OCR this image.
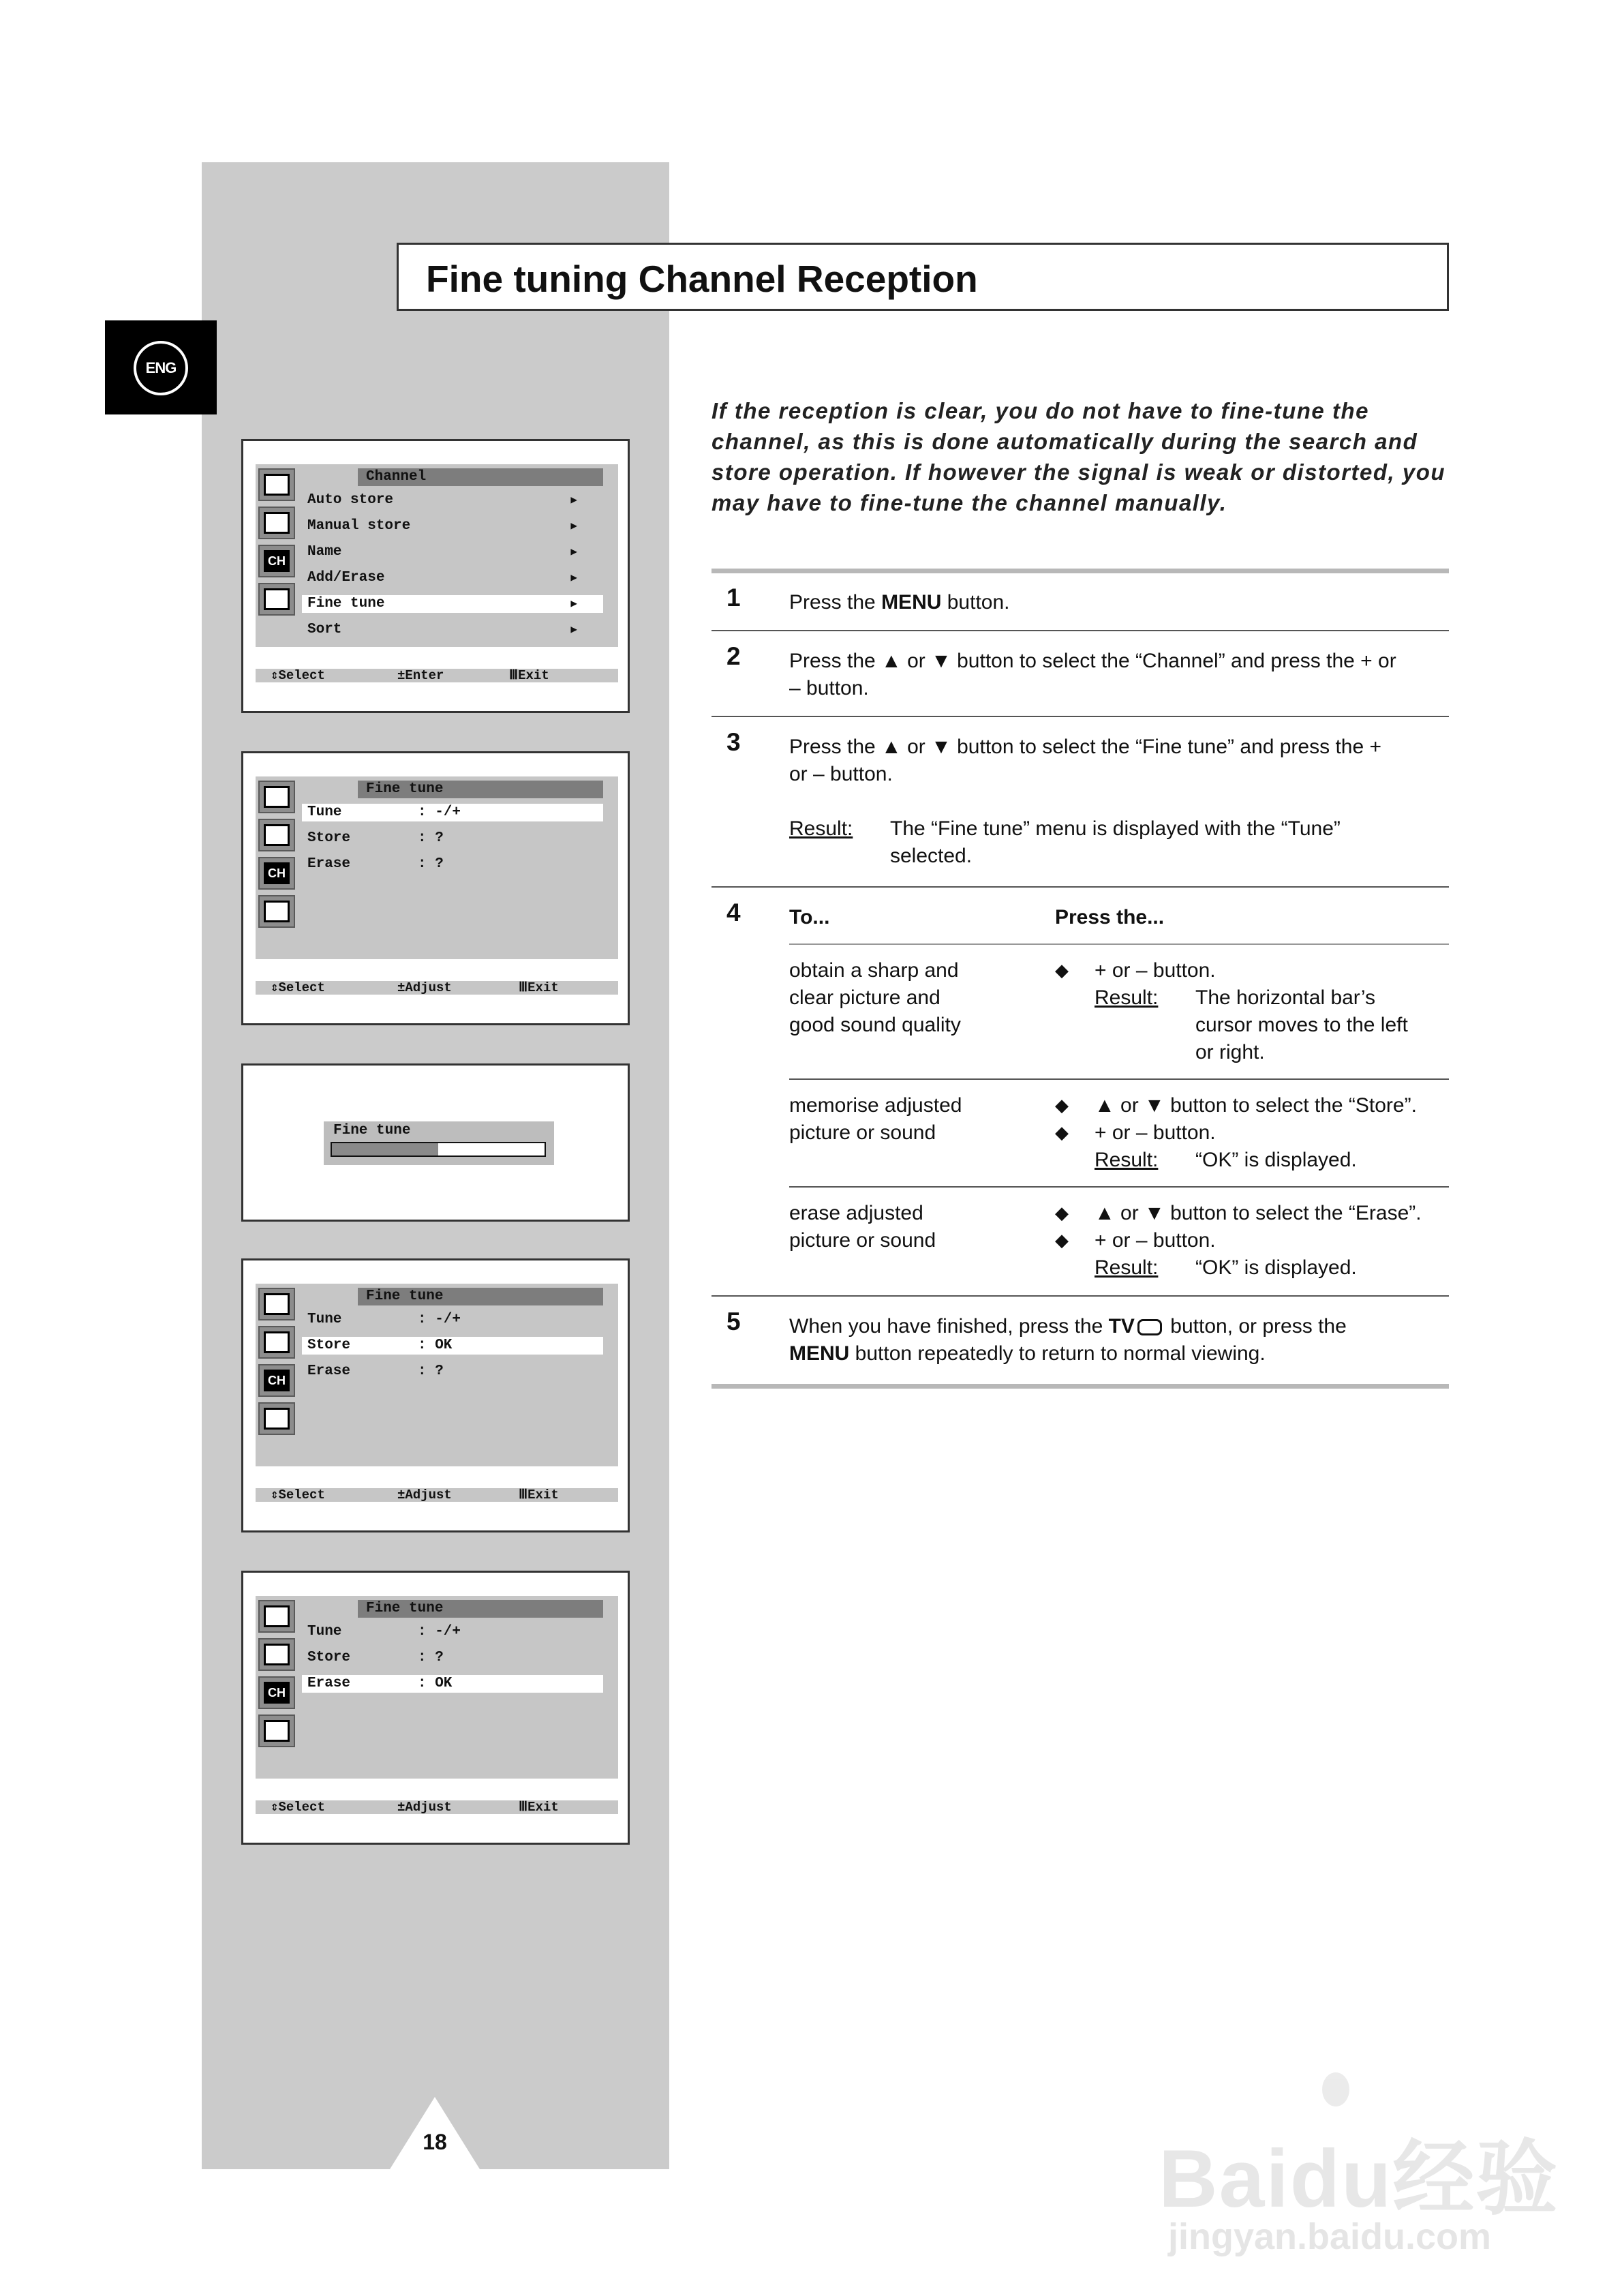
ENG
Fine tuning Channel Reception
If the reception is clear, you do not have to fine-tune the channel, as this is done automatically during the search and store operation. If however the signal is weak or distorted, you may have to fine-tune the channel manually.
CH
Channel
Auto store	▶
Manual store	▶
Name	▶
Add/Erase	▶
Fine tune	▶
Sort	▶
⇕Select	±Enter	ⅢExit
CH
Fine tune
Tune	: -/+
Store	: ?
Erase	: ?
⇕Select	±Adjust	ⅢExit
Fine tune
CH
Fine tune
Tune	: -/+
Store	: OK
Erase	: ?
⇕Select	±Adjust	ⅢExit
CH
Fine tune
Tune	: -/+
Store	: ?
Erase	: OK
⇕Select	±Adjust	ⅢExit
1 Press the MENU button.
2 Press the ▲ or ▼ button to select the “Channel” and press the + or
– button.
3 Press the ▲ or ▼ button to select the “Fine tune” and press the +
or – button.
Result: The “Fine tune” menu is displayed with the “Tune”
selected.
4 To...	Press the...
obtain a sharp and
clear picture and
good sound quality
◆ + or – button.
Result: The horizontal bar’s
cursor moves to the left
or right.
memorise adjusted
picture or sound
◆ ▲ or ▼ button to select the “Store”.
◆ + or – button.
Result: “OK” is displayed.
erase adjusted
picture or sound
◆ ▲ or ▼ button to select the “Erase”.
◆ + or – button.
Result: “OK” is displayed.
5 When you have finished, press the TV button, or press the
MENU button repeatedly to return to normal viewing.
18	Baidu经验
jingyan.baidu.com
